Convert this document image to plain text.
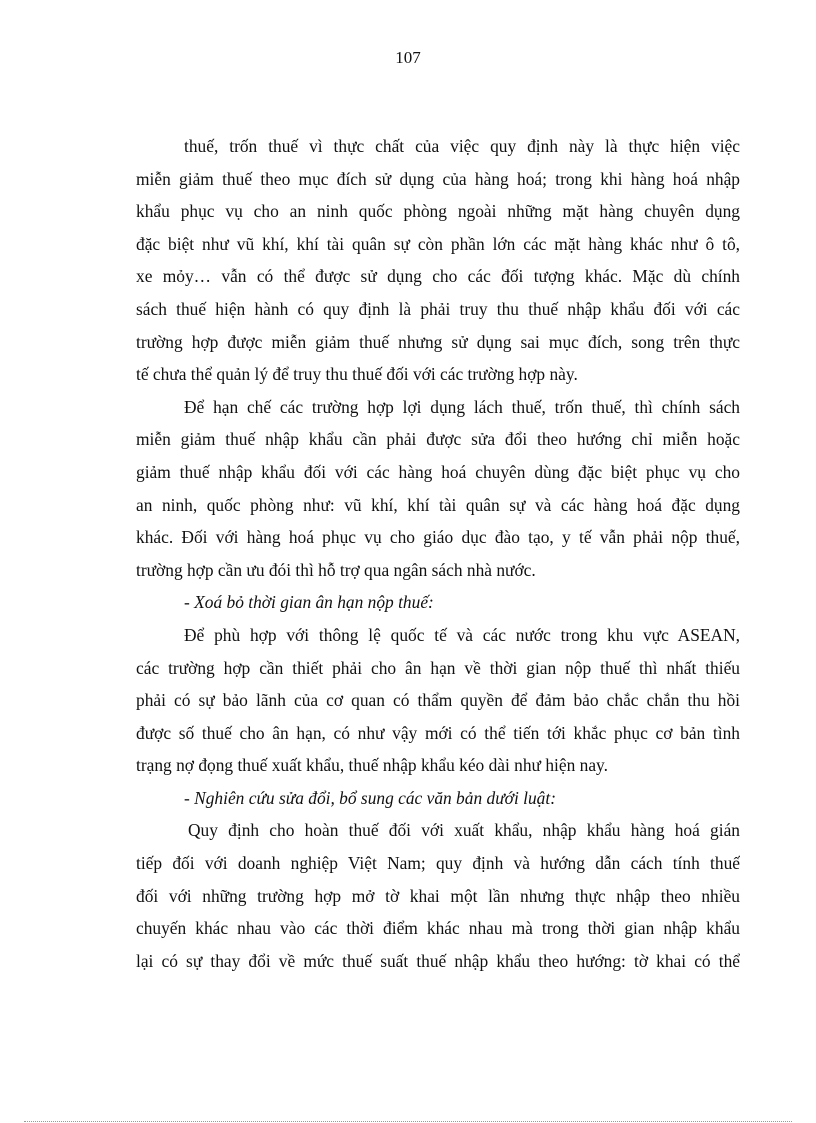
107
thuế, trốn thuế vì thực chất của việc quy định này là thực hiện việc
miễn giảm thuế theo mục đích sử dụng của hàng hoá; trong khi hàng hoá nhập
khẩu phục vụ cho an ninh quốc phòng ngoài những mặt hàng chuyên dụng
đặc biệt như vũ khí, khí tài quân sự còn phần lớn các mặt hàng khác như ô tô,
xe mỏy… vẫn có thể được sử dụng cho các đối tượng khác. Mặc dù chính
sách thuế hiện hành có quy định là phải truy thu thuế nhập khẩu đối với các
trường hợp được miễn giảm thuế nhưng sử dụng sai mục đích, song trên thực
tế chưa thể quản lý để truy thu thuế đối với các trường hợp này.
Để hạn chế các trường hợp lợi dụng lách thuế, trốn thuế, thì chính sách
miễn giảm thuế nhập khẩu cần phải được sửa đổi theo hướng chỉ miễn hoặc
giảm thuế nhập khẩu đối với các hàng hoá chuyên dùng đặc biệt phục vụ cho
an ninh, quốc phòng như: vũ khí, khí tài quân sự và các hàng hoá đặc dụng
khác. Đối với hàng hoá phục vụ cho giáo dục đào tạo, y tế vẫn phải nộp thuế,
trường hợp cần ưu đói thì hỗ trợ qua ngân sách nhà nước.
- Xoá bỏ thời gian ân hạn nộp thuế:
Để phù hợp với thông lệ quốc tế và các nước trong khu vực ASEAN,
các trường hợp cần thiết phải cho ân hạn về thời gian nộp thuế thì nhất thiếu
phải có sự bảo lãnh của cơ quan có thẩm quyền để đảm bảo chắc chắn thu hồi
được số thuế cho ân hạn, có như vậy mới có thể tiến tới khắc phục cơ bản tình
trạng nợ đọng thuế xuất khẩu, thuế nhập khẩu kéo dài như hiện nay.
- Nghiên cứu sửa đổi, bổ sung các văn bản dưới luật:
Quy định cho hoàn thuế đối với xuất khẩu, nhập khẩu hàng hoá gián
tiếp đối với doanh nghiệp Việt Nam; quy định và hướng dẫn cách tính thuế
đối với những trường hợp mở tờ khai một lần nhưng thực nhập theo nhiều
chuyến khác nhau vào các thời điểm khác nhau mà trong thời gian nhập khẩu
lại có sự thay đổi về mức thuế suất thuế nhập khẩu theo hướng: tờ khai có thể
